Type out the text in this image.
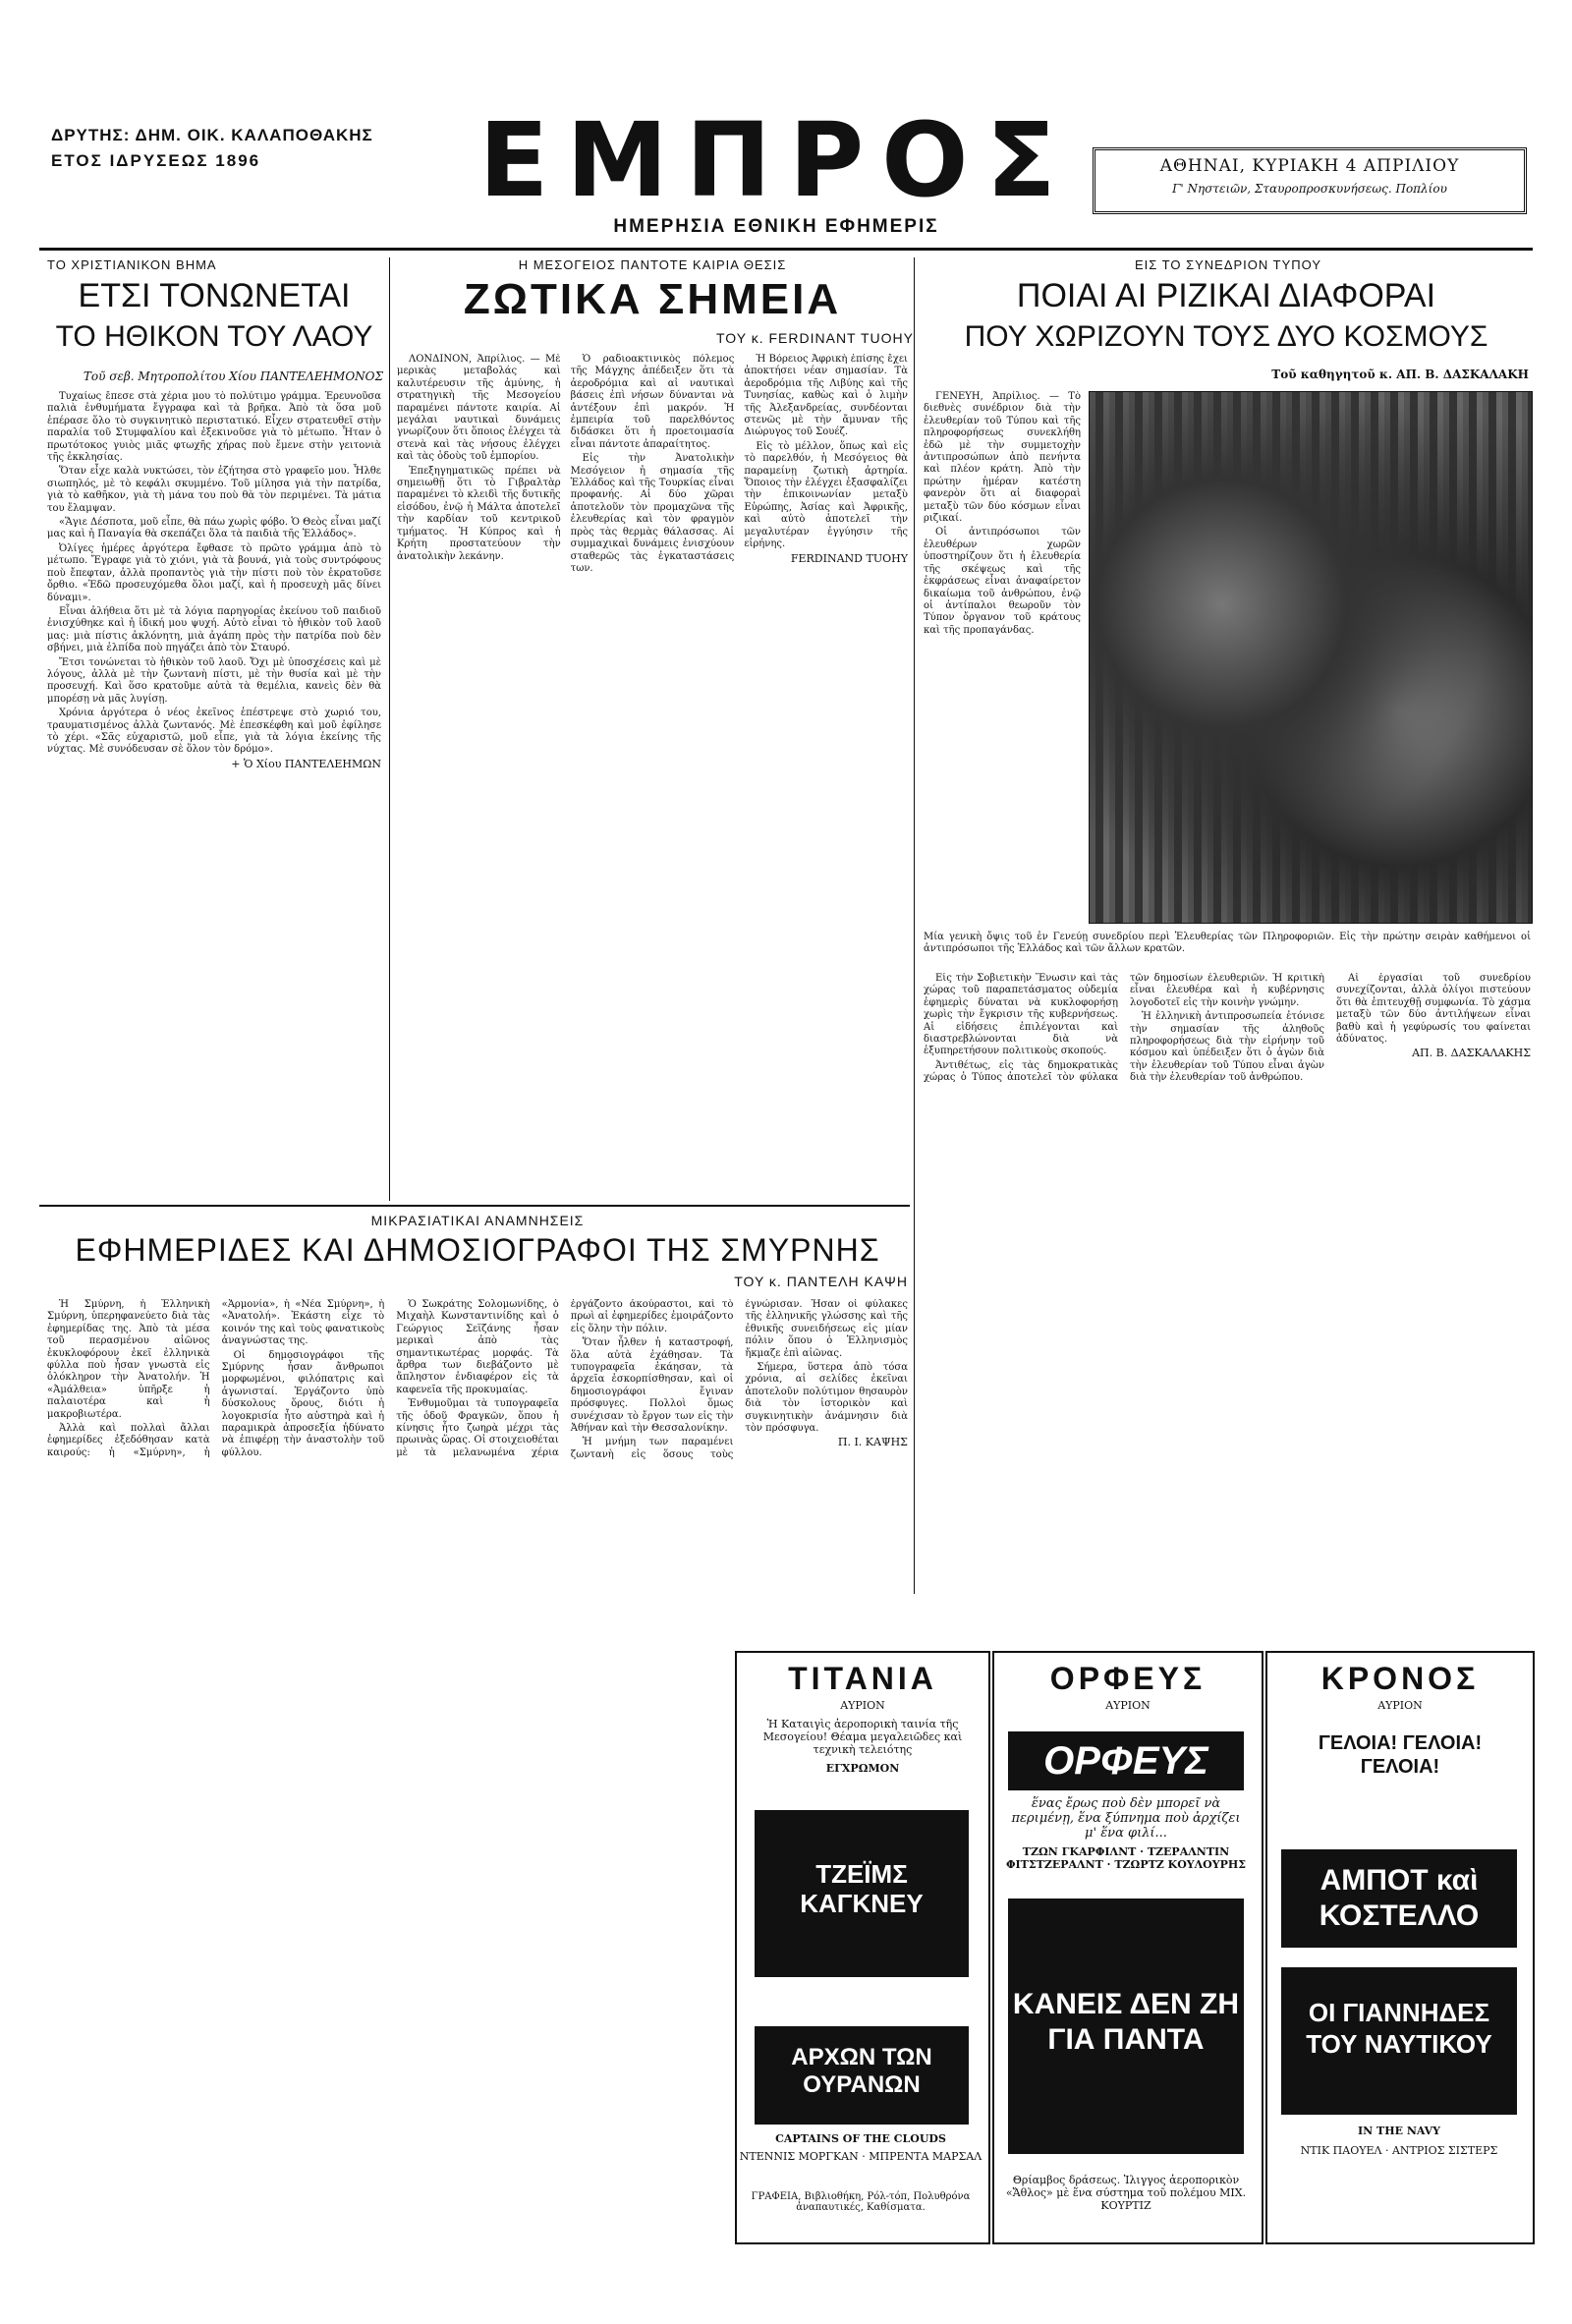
ΔΡΥΤΗΣ: ΔΗΜ. ΟΙΚ. ΚΑΛΑΠΟΘΑΚΗΣ
ΕΤΟΣ ΙΔΡΥΣΕΩΣ 1896	ΕΜΠΡΟΣ
ΗΜΕΡΗΣΙΑ ΕΘΝΙΚΗ ΕΦΗΜΕΡΙΣ
ΑΘΗΝΑΙ, ΚΥΡΙΑΚΗ 4 ΑΠΡΙΛΙΟΥ
Γ' Νηστειῶν, Σταυροπροσκυνήσεως. Ποπλίου
ΤΟ ΧΡΙΣΤΙΑΝΙΚΟΝ ΒΗΜΑ
ΕΤΣΙ ΤΟΝΩΝΕΤΑΙ
ΤΟ ΗΘΙΚΟΝ ΤΟΥ ΛΑΟΥ
Τοῦ σεβ. Μητροπολίτου Χίου ΠΑΝΤΕΛΕΗΜΟΝΟΣ

Τυχαίως ἔπεσε στὰ χέρια μου τὸ πολύτιμο γράμμα. Ἐρευνοῦσα παλιὰ ἐνθυμήματα ἔγγραφα καὶ τὰ βρῆκα. Ἀπὸ τὰ ὅσα μοῦ ἐπέρασε ὅλο τὸ συγκινητικὸ περιστατικό. Εἶχεν στρατευθεῖ στὴν παραλία τοῦ Στυμφαλίου καὶ ἐξεκινοῦσε γιὰ τὸ μέτωπο. Ἦταν ὁ πρωτότοκος γυιὸς μιᾶς φτωχῆς χήρας ποὺ ἔμενε στὴν γειτονιὰ τῆς ἐκκλησίας.

Ὅταν εἶχε καλὰ νυκτώσει, τὸν ἐζήτησα στὸ γραφεῖο μου. Ἦλθε σιωπηλός, μὲ τὸ κεφάλι σκυμμένο. Τοῦ μίλησα γιὰ τὴν πατρίδα, γιὰ τὸ καθῆκον, γιὰ τὴ μάνα του ποὺ θὰ τὸν περιμένει. Τὰ μάτια του ἔλαμψαν.

«Ἅγιε Δέσποτα, μοῦ εἶπε, θὰ πάω χωρὶς φόβο. Ὁ Θεὸς εἶναι μαζί μας καὶ ἡ Παναγία θὰ σκεπάζει ὅλα τὰ παιδιὰ τῆς Ἑλλάδος».

Ὀλίγες ἡμέρες ἀργότερα ἔφθασε τὸ πρῶτο γράμμα ἀπὸ τὸ μέτωπο. Ἔγραφε γιὰ τὸ χιόνι, γιὰ τὰ βουνά, γιὰ τοὺς συντρόφους ποὺ ἔπεφταν, ἀλλὰ προπαντὸς γιὰ τὴν πίστι ποὺ τὸν ἐκρατοῦσε ὄρθιο. «Ἐδῶ προσευχόμεθα ὅλοι μαζί, καὶ ἡ προσευχὴ μᾶς δίνει δύναμι».

Εἶναι ἀλήθεια ὅτι μὲ τὰ λόγια παρηγορίας ἐκείνου τοῦ παιδιοῦ ἐνισχύθηκε καὶ ἡ ἰδική μου ψυχή. Αὐτὸ εἶναι τὸ ἠθικὸν τοῦ λαοῦ μας: μιὰ πίστις ἀκλόνητη, μιὰ ἀγάπη πρὸς τὴν πατρίδα ποὺ δὲν σβήνει, μιὰ ἐλπίδα ποὺ πηγάζει ἀπὸ τὸν Σταυρό.

Ἔτσι τονώνεται τὸ ἠθικὸν τοῦ λαοῦ. Ὄχι μὲ ὑποσχέσεις καὶ μὲ λόγους, ἀλλὰ μὲ τὴν ζωντανὴ πίστι, μὲ τὴν θυσία καὶ μὲ τὴν προσευχή. Καὶ ὅσο κρατοῦμε αὐτὰ τὰ θεμέλια, κανεὶς δὲν θὰ μπορέσῃ νὰ μᾶς λυγίσῃ.

Χρόνια ἀργότερα ὁ νέος ἐκεῖνος ἐπέστρεψε στὸ χωριό του, τραυματισμένος ἀλλὰ ζωντανός. Μὲ ἐπεσκέφθη καὶ μοῦ ἐφίλησε τὸ χέρι. «Σᾶς εὐχαριστῶ, μοῦ εἶπε, γιὰ τὰ λόγια ἐκείνης τῆς νύχτας. Μὲ συνόδευσαν σὲ ὅλον τὸν δρόμο».

+ Ὁ Χίου ΠΑΝΤΕΛΕΗΜΩΝ
Η ΜΕΣΟΓΕΙΟΣ ΠΑΝΤΟΤΕ ΚΑΙΡΙΑ ΘΕΣΙΣ
ΖΩΤΙΚΑ ΣΗΜΕΙΑ
ΤΟΥ κ. FERDINANT TUOHY

ΛΟΝΔΙΝΟΝ, Ἀπρίλιος. — Μὲ μερικὰς μεταβολάς καὶ καλυτέρευσιν τῆς ἀμύνης, ἡ στρατηγικὴ τῆς Μεσογείου παραμένει πάντοτε καιρία. Αἱ μεγάλαι ναυτικαὶ δυνάμεις γνωρίζουν ὅτι ὅποιος ἐλέγχει τὰ στενὰ καὶ τὰς νήσους ἐλέγχει καὶ τὰς ὁδοὺς τοῦ ἐμπορίου.

Ἐπεξηγηματικῶς πρέπει νὰ σημειωθῇ ὅτι τὸ Γιβραλτὰρ παραμένει τὸ κλειδὶ τῆς δυτικῆς εἰσόδου, ἐνῷ ἡ Μάλτα ἀποτελεῖ τὴν καρδίαν τοῦ κεντρικοῦ τμήματος. Ἡ Κύπρος καὶ ἡ Κρήτη προστατεύουν τὴν ἀνατολικὴν λεκάνην.

Ὁ ραδιοακτινικὸς πόλεμος τῆς Μάγχης ἀπέδειξεν ὅτι τὰ ἀεροδρόμια καὶ αἱ ναυτικαὶ βάσεις ἐπὶ νήσων δύνανται νὰ ἀντέξουν ἐπὶ μακρόν. Ἡ ἐμπειρία τοῦ παρελθόντος διδάσκει ὅτι ἡ προετοιμασία εἶναι πάντοτε ἀπαραίτητος.

Εἰς τὴν Ἀνατολικὴν Μεσόγειον ἡ σημασία τῆς Ἑλλάδος καὶ τῆς Τουρκίας εἶναι προφανής. Αἱ δύο χῶραι ἀποτελοῦν τὸν προμαχῶνα τῆς ἐλευθερίας καὶ τὸν φραγμὸν πρὸς τὰς θερμὰς θάλασσας. Αἱ συμμαχικαὶ δυνάμεις ἐνισχύουν σταθερῶς τὰς ἐγκαταστάσεις των.

Ἡ Βόρειος Ἀφρικὴ ἐπίσης ἔχει ἀποκτήσει νέαν σημασίαν. Τὰ ἀεροδρόμια τῆς Λιβύης καὶ τῆς Τυνησίας, καθὼς καὶ ὁ λιμὴν τῆς Ἀλεξανδρείας, συνδέονται στενῶς μὲ τὴν ἄμυναν τῆς Διώρυγος τοῦ Σουέζ.

Εἰς τὸ μέλλον, ὅπως καὶ εἰς τὸ παρελθόν, ἡ Μεσόγειος θὰ παραμείνῃ ζωτικὴ ἀρτηρία. Ὅποιος τὴν ἐλέγχει ἐξασφαλίζει τὴν ἐπικοινωνίαν μεταξὺ Εὐρώπης, Ἀσίας καὶ Ἀφρικῆς, καὶ αὐτὸ ἀποτελεῖ τὴν μεγαλυτέραν ἐγγύησιν τῆς εἰρήνης.

FERDINAND TUOHY
ΕΙΣ ΤΟ ΣΥΝΕΔΡΙΟΝ ΤΥΠΟΥ
ΠΟΙΑΙ ΑΙ ΡΙΖΙΚΑΙ ΔΙΑΦΟΡΑΙ
ΠΟΥ ΧΩΡΙΖΟΥΝ ΤΟΥΣ ΔΥΟ ΚΟΣΜΟΥΣ
Τοῦ καθηγητοῦ κ. ΑΠ. Β. ΔΑΣΚΑΛΑΚΗ

ΓΕΝΕΥΗ, Ἀπρίλιος. — Τὸ διεθνὲς συνέδριον διὰ τὴν ἐλευθερίαν τοῦ Τύπου καὶ τῆς πληροφορήσεως συνεκλήθη ἐδῶ μὲ τὴν συμμετοχὴν ἀντιπροσώπων ἀπὸ πενήντα καὶ πλέον κράτη. Ἀπὸ τὴν πρώτην ἡμέραν κατέστη φανερὸν ὅτι αἱ διαφοραὶ μεταξὺ τῶν δύο κόσμων εἶναι ριζικαί.

Οἱ ἀντιπρόσωποι τῶν ἐλευθέρων χωρῶν ὑποστηρίζουν ὅτι ἡ ἐλευθερία τῆς σκέψεως καὶ τῆς ἐκφράσεως εἶναι ἀναφαίρετον δικαίωμα τοῦ ἀνθρώπου, ἐνῷ οἱ ἀντίπαλοι θεωροῦν τὸν Τύπον ὄργανον τοῦ κράτους καὶ τῆς προπαγάνδας.

Μία γενικὴ ὄψις τοῦ ἐν Γενεύῃ συνεδρίου περὶ Ἐλευθερίας τῶν Πληροφοριῶν. Εἰς τὴν πρώτην σειρὰν καθήμενοι οἱ ἀντιπρόσωποι τῆς Ἑλλάδος καὶ τῶν ἄλλων κρατῶν.

Εἰς τὴν Σοβιετικὴν Ἕνωσιν καὶ τὰς χώρας τοῦ παραπετάσματος οὐδεμία ἐφημερὶς δύναται νὰ κυκλοφορήσῃ χωρὶς τὴν ἔγκρισιν τῆς κυβερνήσεως. Αἱ εἰδήσεις ἐπιλέγονται καὶ διαστρεβλώνονται διὰ νὰ ἐξυπηρετήσουν πολιτικοὺς σκοπούς.

Ἀντιθέτως, εἰς τὰς δημοκρατικὰς χώρας ὁ Τύπος ἀποτελεῖ τὸν φύλακα τῶν δημοσίων ἐλευθεριῶν. Ἡ κριτικὴ εἶναι ἐλευθέρα καὶ ἡ κυβέρνησις λογοδοτεῖ εἰς τὴν κοινὴν γνώμην.

Ἡ ἑλληνικὴ ἀντιπροσωπεία ἐτόνισε τὴν σημασίαν τῆς ἀληθοῦς πληροφορήσεως διὰ τὴν εἰρήνην τοῦ κόσμου καὶ ὑπέδειξεν ὅτι ὁ ἀγὼν διὰ τὴν ἐλευθερίαν τοῦ Τύπου εἶναι ἀγὼν διὰ τὴν ἐλευθερίαν τοῦ ἀνθρώπου.

Αἱ ἐργασίαι τοῦ συνεδρίου συνεχίζονται, ἀλλὰ ὀλίγοι πιστεύουν ὅτι θὰ ἐπιτευχθῇ συμφωνία. Τὸ χάσμα μεταξὺ τῶν δύο ἀντιλήψεων εἶναι βαθὺ καὶ ἡ γεφύρωσίς του φαίνεται ἀδύνατος.

ΑΠ. Β. ΔΑΣΚΑΛΑΚΗΣ
ΜΙΚΡΑΣΙΑΤΙΚΑΙ ΑΝΑΜΝΗΣΕΙΣ
ΕΦΗΜΕΡΙΔΕΣ ΚΑΙ ΔΗΜΟΣΙΟΓΡΑΦΟΙ ΤΗΣ ΣΜΥΡΝΗΣ
ΤΟΥ κ. ΠΑΝΤΕΛΗ ΚΑΨΗ

Ἡ Σμύρνη, ἡ Ἑλληνικὴ Σμύρνη, ὑπερηφανεύετο διὰ τὰς ἐφημερίδας της. Ἀπὸ τὰ μέσα τοῦ περασμένου αἰῶνος ἐκυκλοφόρουν ἐκεῖ ἐλληνικὰ φύλλα ποὺ ἦσαν γνωστὰ εἰς ὁλόκληρον τὴν Ἀνατολήν. Ἡ «Ἀμάλθεια» ὑπῆρξε ἡ παλαιοτέρα καὶ ἡ μακροβιωτέρα.

Ἀλλὰ καὶ πολλαὶ ἄλλαι ἐφημερίδες ἐξεδόθησαν κατὰ καιρούς: ἡ «Σμύρνη», ἡ «Ἁρμονία», ἡ «Νέα Σμύρνη», ἡ «Ἀνατολή». Ἑκάστη εἶχε τὸ κοινόν της καὶ τοὺς φανατικοὺς ἀναγνώστας της.

Οἱ δημοσιογράφοι τῆς Σμύρνης ἦσαν ἄνθρωποι μορφωμένοι, φιλόπατρις καὶ ἀγωνισταί. Ἐργάζοντο ὑπὸ δύσκολους ὅρους, διότι ἡ λογοκρισία ἦτο αὐστηρὰ καὶ ἡ παραμικρὰ ἀπροσεξία ἠδύνατο νὰ ἐπιφέρῃ τὴν ἀναστολὴν τοῦ φύλλου.

Ὁ Σωκράτης Σολομωνίδης, ὁ Μιχαὴλ Κωνσταντινίδης καὶ ὁ Γεώργιος Σεϊζάνης ἦσαν μερικαὶ ἀπὸ τὰς σημαντικωτέρας μορφάς. Τὰ ἄρθρα των διεβάζοντο μὲ ἄπληστον ἐνδιαφέρον εἰς τὰ καφενεῖα τῆς προκυμαίας.

Ἐνθυμοῦμαι τὰ τυπογραφεῖα τῆς ὁδοῦ Φραγκῶν, ὅπου ἡ κίνησις ἦτο ζωηρὰ μέχρι τὰς πρωινὰς ὥρας. Οἱ στοιχειοθέται μὲ τὰ μελανωμένα χέρια ἐργάζοντο ἀκούραστοι, καὶ τὸ πρωὶ αἱ ἐφημερίδες ἐμοιράζοντο εἰς ὅλην τὴν πόλιν.

Ὅταν ἦλθεν ἡ καταστροφή, ὅλα αὐτὰ ἐχάθησαν. Τὰ τυπογραφεῖα ἐκάησαν, τὰ ἀρχεῖα ἐσκορπίσθησαν, καὶ οἱ δημοσιογράφοι ἔγιναν πρόσφυγες. Πολλοὶ ὅμως συνέχισαν τὸ ἔργον των εἰς τὴν Ἀθήναν καὶ τὴν Θεσσαλονίκην.

Ἡ μνήμη των παραμένει ζωντανὴ εἰς ὅσους τοὺς ἐγνώρισαν. Ἦσαν οἱ φύλακες τῆς ἑλληνικῆς γλώσσης καὶ τῆς ἐθνικῆς συνειδήσεως εἰς μίαν πόλιν ὅπου ὁ Ἑλληνισμὸς ἤκμαζε ἐπὶ αἰῶνας.

Σήμερα, ὕστερα ἀπὸ τόσα χρόνια, αἱ σελίδες ἐκεῖναι ἀποτελοῦν πολύτιμον θησαυρὸν διὰ τὸν ἱστορικὸν καὶ συγκινητικὴν ἀνάμνησιν διὰ τὸν πρόσφυγα.

Π. Ι. ΚΑΨΗΣ
ΤΙΤΑΝΙΑ
ΑΥΡΙΟΝ
Ἡ Καταιγὶς ἀεροπορικὴ ταινία τῆς Μεσογείου! Θέαμα μεγαλειῶδες καὶ τεχνικὴ τελειότης
ΕΓΧΡΩΜΟΝ
ΤΖΕΪΜΣ ΚΑΓΚΝΕΥ
ΑΡΧΩΝ ΤΩΝ ΟΥΡΑΝΩΝ
CAPTAINS OF THE CLOUDS
ΝΤΕΝΝΙΣ ΜΟΡΓΚΑΝ · ΜΠΡΕΝΤΑ ΜΑΡΣΑΛ
ΓΡΑΦΕΙΑ, Βιβλιοθήκη, Ρόλ-τόπ, Πολυθρόνα ἀναπαυτικές, Καθίσματα.
ΟΡΦΕΥΣ
ΑΥΡΙΟΝ
ΟΡΦΕΥΣ
ἕνας ἔρως ποὺ δὲν μπορεῖ νὰ περιμένῃ, ἕνα ξύπνημα ποὺ ἀρχίζει μ' ἕνα φιλί...
ΤΖΩΝ ΓΚΑΡΦΙΛΝΤ · ΤΖΕΡΑΛΝΤΙΝ ΦΙΤΣΤΖΕΡΑΛΝΤ · ΤΖΩΡΤΖ ΚΟΥΛΟΥΡΗΣ
ΚΑΝΕΙΣ ΔΕΝ ΖΗ ΓΙΑ ΠΑΝΤΑ
Θρίαμβος δράσεως. Ἰλιγγος ἀεροπορικὸν «Ἄθλος» μὲ ἕνα σύστημα τοῦ πολέμου ΜΙΧ. ΚΟΥΡΤΙΖ
ΚΡΟΝΟΣ
ΑΥΡΙΟΝ
ΓΕΛΟΙΑ! ΓΕΛΟΙΑ! ΓΕΛΟΙΑ!
ΑΜΠΟΤ καὶ ΚΟΣΤΕΛΛΟ
ΟΙ ΓΙΑΝΝΗΔΕΣ ΤΟΥ ΝΑΥΤΙΚΟΥ
IN THE NAVY
ΝΤΙΚ ΠΑΟΥΕΛ · ΑΝΤΡΙΟΣ ΣΙΣΤΕΡΣ
